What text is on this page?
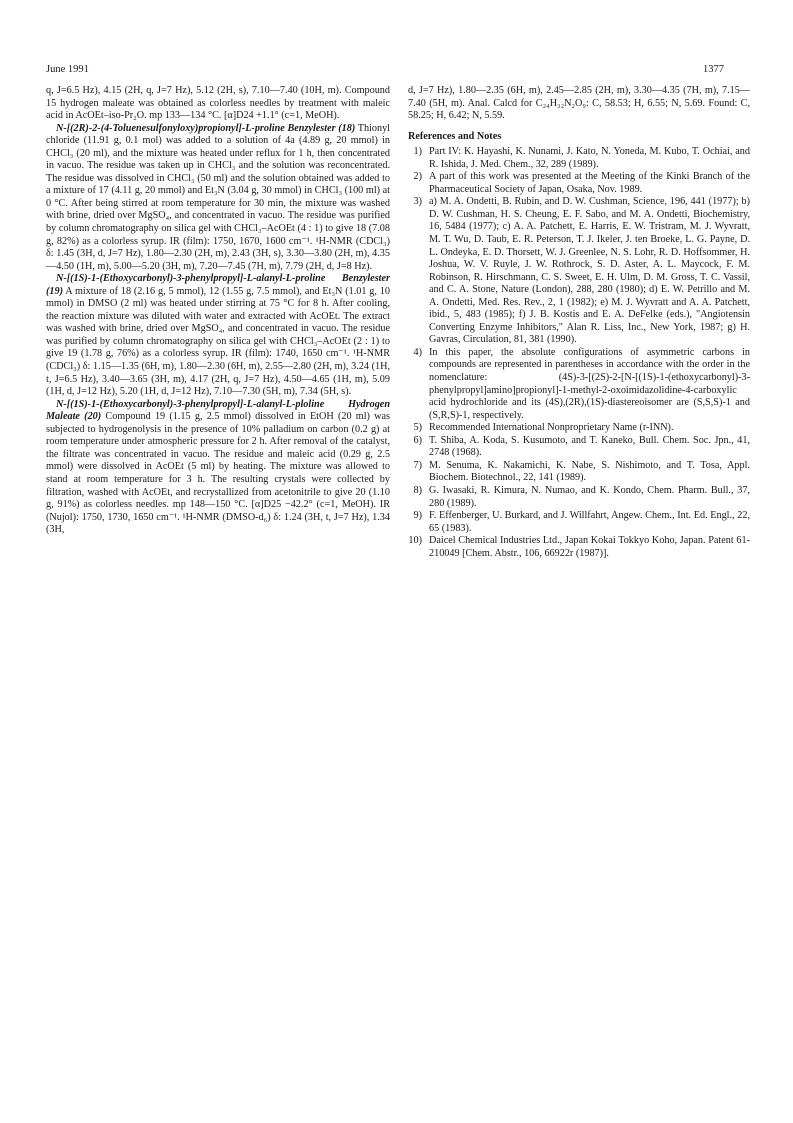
June 1991	1377

q, J=6.5 Hz), 4.15 (2H, q, J=7 Hz), 5.12 (2H, s), 7.10—7.40 (10H, m). Compound 15 hydrogen maleate was obtained as colorless needles by treatment with maleic acid in AcOEt–iso-Pr₂O. mp 133—134 °C. [α]D24 +1.1° (c=1, MeOH).

N-[(2R)-2-(4-Toluenesulfonyloxy)propionyl]-L-proline Benzylester (18) Thionyl chloride (11.91 g, 0.1 mol) was added to a solution of 4a (4.89 g, 20 mmol) in CHCl₃ (20 ml), and the mixture was heated under reflux for 1 h, then concentrated in vacuo. The residue was taken up in CHCl₃ and the solution was reconcentrated. The residue was dissolved in CHCl₃ (50 ml) and the solution obtained was added to a mixture of 17 (4.11 g, 20 mmol) and Et₃N (3.04 g, 30 mmol) in CHCl₃ (100 ml) at 0 °C. After being stirred at room temperature for 30 min, the mixture was washed with brine, dried over MgSO₄, and concentrated in vacuo. The residue was purified by column chromatography on silica gel with CHCl₃–AcOEt (4 : 1) to give 18 (7.08 g, 82%) as a colorless syrup. IR (film): 1750, 1670, 1600 cm⁻¹. ¹H-NMR (CDCl₃) δ: 1.45 (3H, d, J=7 Hz), 1.80—2.30 (2H, m), 2.43 (3H, s), 3.30—3.80 (2H, m), 4.35—4.50 (1H, m), 5.00—5.20 (3H, m), 7.20—7.45 (7H, m), 7.79 (2H, d, J=8 Hz).

N-[(1S)-1-(Ethoxycarbonyl)-3-phenylpropyl]-L-alanyl-L-proline Benzylester (19) A mixture of 18 (2.16 g, 5 mmol), 12 (1.55 g, 7.5 mmol), and Et₃N (1.01 g, 10 mmol) in DMSO (2 ml) was heated under stirring at 75 °C for 8 h. After cooling, the reaction mixture was diluted with water and extracted with AcOEt. The extract was washed with brine, dried over MgSO₄, and concentrated in vacuo. The residue was purified by column chromatography on silica gel with CHCl₃–AcOEt (2 : 1) to give 19 (1.78 g, 76%) as a colorless syrup. IR (film): 1740, 1650 cm⁻¹. ¹H-NMR (CDCl₃) δ: 1.15—1.35 (6H, m), 1.80—2.30 (6H, m), 2.55—2.80 (2H, m), 3.24 (1H, t, J=6.5 Hz), 3.40—3.65 (3H, m), 4.17 (2H, q, J=7 Hz), 4.50—4.65 (1H, m), 5.09 (1H, d, J=12 Hz), 5.20 (1H, d, J=12 Hz), 7.10—7.30 (5H, m), 7.34 (5H, s).

N-[(1S)-1-(Ethoxycarbonyl)-3-phenylpropyl]-L-alanyl-L-ploline Hydrogen Maleate (20) Compound 19 (1.15 g, 2.5 mmol) dissolved in EtOH (20 ml) was subjected to hydrogenolysis in the presence of 10% palladium on carbon (0.2 g) at room temperature under atmospheric pressure for 2 h. After removal of the catalyst, the filtrate was concentrated in vacuo. The residue and maleic acid (0.29 g, 2.5 mmol) were dissolved in AcOEt (5 ml) by heating. The mixture was allowed to stand at room temperature for 3 h. The resulting crystals were collected by filtration, washed with AcOEt, and recrystallized from acetonitrile to give 20 (1.10 g, 91%) as colorless needles. mp 148—150 °C. [α]D25 −42.2° (c=1, MeOH). IR (Nujol): 1750, 1730, 1650 cm⁻¹. ¹H-NMR (DMSO-d₆) δ: 1.24 (3H, t, J=7 Hz), 1.34 (3H,

d, J=7 Hz), 1.80—2.35 (6H, m), 2.45—2.85 (2H, m), 3.30—4.35 (7H, m), 7.15—7.40 (5H, m). Anal. Calcd for C₂₄H₃₂N₂O₉: C, 58.53; H, 6.55; N, 5.69. Found: C, 58.25; H, 6.42; N, 5.59.

References and Notes

1) Part IV: K. Hayashi, K. Nunami, J. Kato, N. Yoneda, M. Kubo, T. Ochiai, and R. Ishida, J. Med. Chem., 32, 289 (1989).

2) A part of this work was presented at the Meeting of the Kinki Branch of the Pharmaceutical Society of Japan, Osaka, Nov. 1989.

3) a) M. A. Ondetti, B. Rubin, and D. W. Cushman, Science, 196, 441 (1977); b) D. W. Cushman, H. S. Cheung, E. F. Sabo, and M. A. Ondetti, Biochemistry, 16, 5484 (1977); c) A. A. Patchett, E. Harris, E. W. Tristram, M. J. Wyvratt, M. T. Wu, D. Taub, E. R. Peterson, T. J. Ikeler, J. ten Broeke, L. G. Payne, D. L. Ondeyka, E. D. Thorsett, W. J. Greenlee, N. S. Lohr, R. D. Hoffsommer, H. Joshua, W. V. Ruyle, J. W. Rothrock, S. D. Aster, A. L. Maycock, F. M. Robinson, R. Hirschmann, C. S. Sweet, E. H. Ulm, D. M. Gross, T. C. Vassil, and C. A. Stone, Nature (London), 288, 280 (1980); d) E. W. Petrillo and M. A. Ondetti, Med. Res. Rev., 2, 1 (1982); e) M. J. Wyvratt and A. A. Patchett, ibid., 5, 483 (1985); f) J. B. Kostis and E. A. DeFelke (eds.), "Angiotensin Converting Enzyme Inhibitors," Alan R. Liss, Inc., New York, 1987; g) H. Gavras, Circulation, 81, 381 (1990).

4) In this paper, the absolute configurations of asymmetric carbons in compounds are represented in parentheses in accordance with the order in the nomenclature: (4S)-3-[(2S)-2-[N-[(1S)-1-(ethoxycarbonyl)-3-phenylpropyl]amino]propionyl]-1-methyl-2-oxoimidazolidine-4-carboxylic acid hydrochloride and its (4S),(2R),(1S)-diastereoisomer are (S,S,S)-1 and (S,R,S)-1, respectively.

5) Recommended International Nonproprietary Name (r-INN).

6) T. Shiba, A. Koda, S. Kusumoto, and T. Kaneko, Bull. Chem. Soc. Jpn., 41, 2748 (1968).

7) M. Senuma, K. Nakamichi, K. Nabe, S. Nishimoto, and T. Tosa, Appl. Biochem. Biotechnol., 22, 141 (1989).

8) G. Iwasaki, R. Kimura, N. Numao, and K. Kondo, Chem. Pharm. Bull., 37, 280 (1989).

9) F. Effenberger, U. Burkard, and J. Willfahrt, Angew. Chem., Int. Ed. Engl., 22, 65 (1983).

10) Daicel Chemical Industries Ltd., Japan Kokai Tokkyo Koho, Japan. Patent 61-210049 [Chem. Abstr., 106, 66922r (1987)].
